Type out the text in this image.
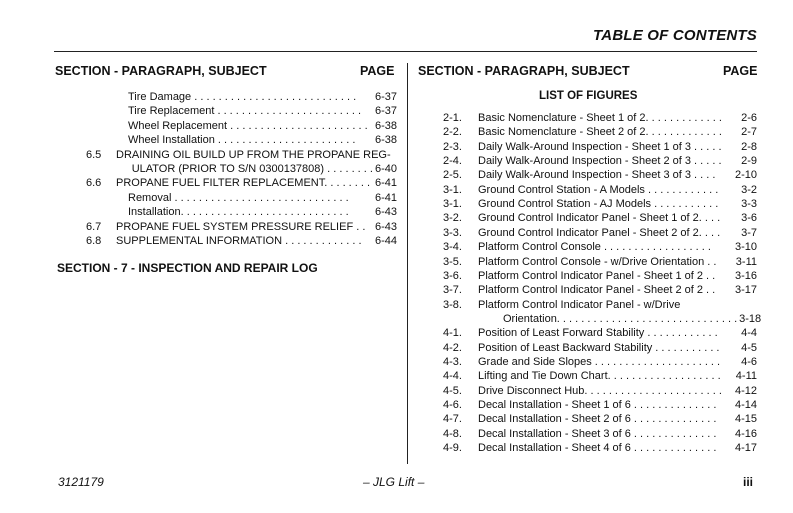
TABLE OF CONTENTS
SECTION - PARAGRAPH, SUBJECT	PAGE SECTION - PARAGRAPH, SUBJECT	PAGE
LIST OF FIGURES
Tire Damage . . . . . . . . . . . . . . . . . . . . . . . . . . .	6-37
Tire Replacement . . . . . . . . . . . . . . . . . . . . . . . .	6-37
Wheel Replacement . . . . . . . . . . . . . . . . . . . . . . . 6-38
Wheel Installation . . . . . . . . . . . . . . . . . . . . . . .	6-38
6.5	DRAINING OIL BUILD UP FROM THE PROPANE REG-
ULATOR (PRIOR TO S/N 0300137808) . . . . . . . . 6-40
6.6	PROPANE FUEL FILTER REPLACEMENT. . . . . . . . 6-41
Removal . . . . . . . . . . . . . . . . . . . . . . . . . . . . .	6-41
Installation. . . . . . . . . . . . . . . . . . . . . . . . . . . .	6-43
6.7	PROPANE FUEL SYSTEM PRESSURE RELIEF . . 6-43
6.8	SUPPLEMENTAL INFORMATION . . . . . . . . . . . . .	6-44
SECTION - 7 - INSPECTION AND REPAIR LOG
2-1.	Basic Nomenclature - Sheet 1 of 2. . . . . . . . . . . . .	2-6
2-2.	Basic Nomenclature - Sheet 2 of 2. . . . . . . . . . . . .	2-7
2-3.	Daily Walk-Around Inspection - Sheet 1 of 3 . . . . .	2-8
2-4.	Daily Walk-Around Inspection - Sheet 2 of 3 . . . . .	2-9
2-5.	Daily Walk-Around Inspection - Sheet 3 of 3 . . . .	2-10
3-1.	Ground Control Station - A Models . . . . . . . . . . . .	3-2
3-1.	Ground Control Station - AJ Models . . . . . . . . . . .	3-3
3-2.	Ground Control Indicator Panel - Sheet 1 of 2. . . .	3-6
3-3.	Ground Control Indicator Panel - Sheet 2 of 2. . . .	3-7
3-4.	Platform Control Console . . . . . . . . . . . . . . . . . .	3-10
3-5.	Platform Control Console - w/Drive Orientation . .	3-11
3-6.	Platform Control Indicator Panel - Sheet 1 of 2 . .	3-16
3-7.	Platform Control Indicator Panel - Sheet 2 of 2 . .	3-17
3-8.	Platform Control Indicator Panel - w/Drive
Orientation. . . . . . . . . . . . . . . . . . . . . . . . . . . . . . 3-18
4-1.	Position of Least Forward Stability . . . . . . . . . . . .	4-4
4-2.	Position of Least Backward Stability . . . . . . . . . . .	4-5
4-3.	Grade and Side Slopes . . . . . . . . . . . . . . . . . . . . .	4-6
4-4.	Lifting and Tie Down Chart. . . . . . . . . . . . . . . . . . .	4-11
4-5.	Drive Disconnect Hub. . . . . . . . . . . . . . . . . . . . . . .	4-12
4-6.	Decal Installation - Sheet 1 of 6 . . . . . . . . . . . . . .	4-14
4-7.	Decal Installation - Sheet 2 of 6 . . . . . . . . . . . . . .	4-15
4-8.	Decal Installation - Sheet 3 of 6 . . . . . . . . . . . . . .	4-16
4-9.	Decal Installation - Sheet 4 of 6 . . . . . . . . . . . . . .	4-17
3121179	– JLG Lift –	iii
